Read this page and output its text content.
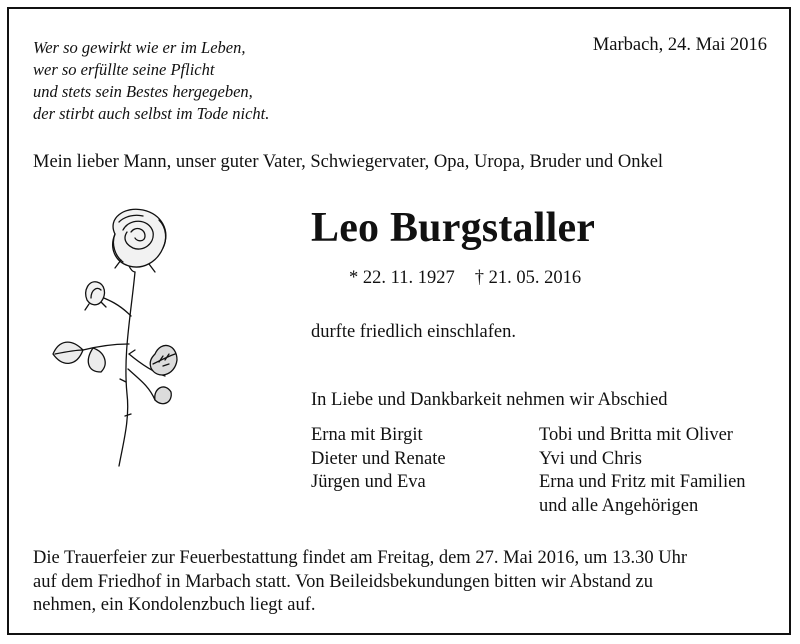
Wer so gewirkt wie er im Leben,
wer so erfüllte seine Pflicht
und stets sein Bestes hergegeben,
der stirbt auch selbst im Tode nicht.
Marbach, 24. Mai 2016
Mein lieber Mann, unser guter Vater, Schwiegervater, Opa, Uropa, Bruder und Onkel
Leo Burgstaller
* 22. 11. 1927 † 21. 05. 2016
durfte friedlich einschlafen.
In Liebe und Dankbarkeit nehmen wir Abschied
Erna mit Birgit
Dieter und Renate
Jürgen und Eva
Tobi und Britta mit Oliver
Yvi und Chris
Erna und Fritz mit Familien
und alle Angehörigen
Die Trauerfeier zur Feuerbestattung findet am Freitag, dem 27. Mai 2016, um 13.30 Uhr
auf dem Friedhof in Marbach statt. Von Beileidsbekundungen bitten wir Abstand zu
nehmen, ein Kondolenzbuch liegt auf.
